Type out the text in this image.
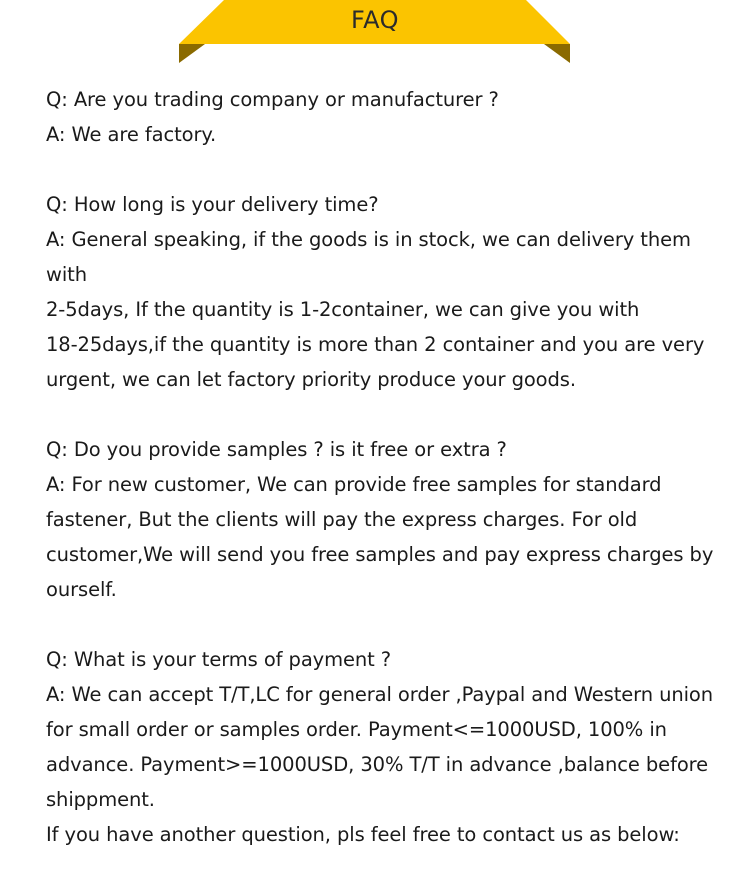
FAQ
Q: Are you trading company or manufacturer ?
A: We are factory.
Q: How long is your delivery time?
A: General speaking, if the goods is in stock, we can delivery them
with
2-5days, If the quantity is 1-2container, we can give you with
18-25days,if the quantity is more than 2 container and you are very
urgent, we can let factory priority produce your goods.
Q: Do you provide samples ? is it free or extra ?
A: For new customer, We can provide free samples for standard
fastener, But the clients will pay the express charges. For old
customer,We will send you free samples and pay express charges by
ourself.
Q: What is your terms of payment ?
A: We can accept T/T,LC for general order ,Paypal and Western union
for small order or samples order. Payment<=1000USD, 100% in
advance. Payment>=1000USD, 30% T/T in advance ,balance before
shippment.
If you have another question, pls feel free to contact us as below:
